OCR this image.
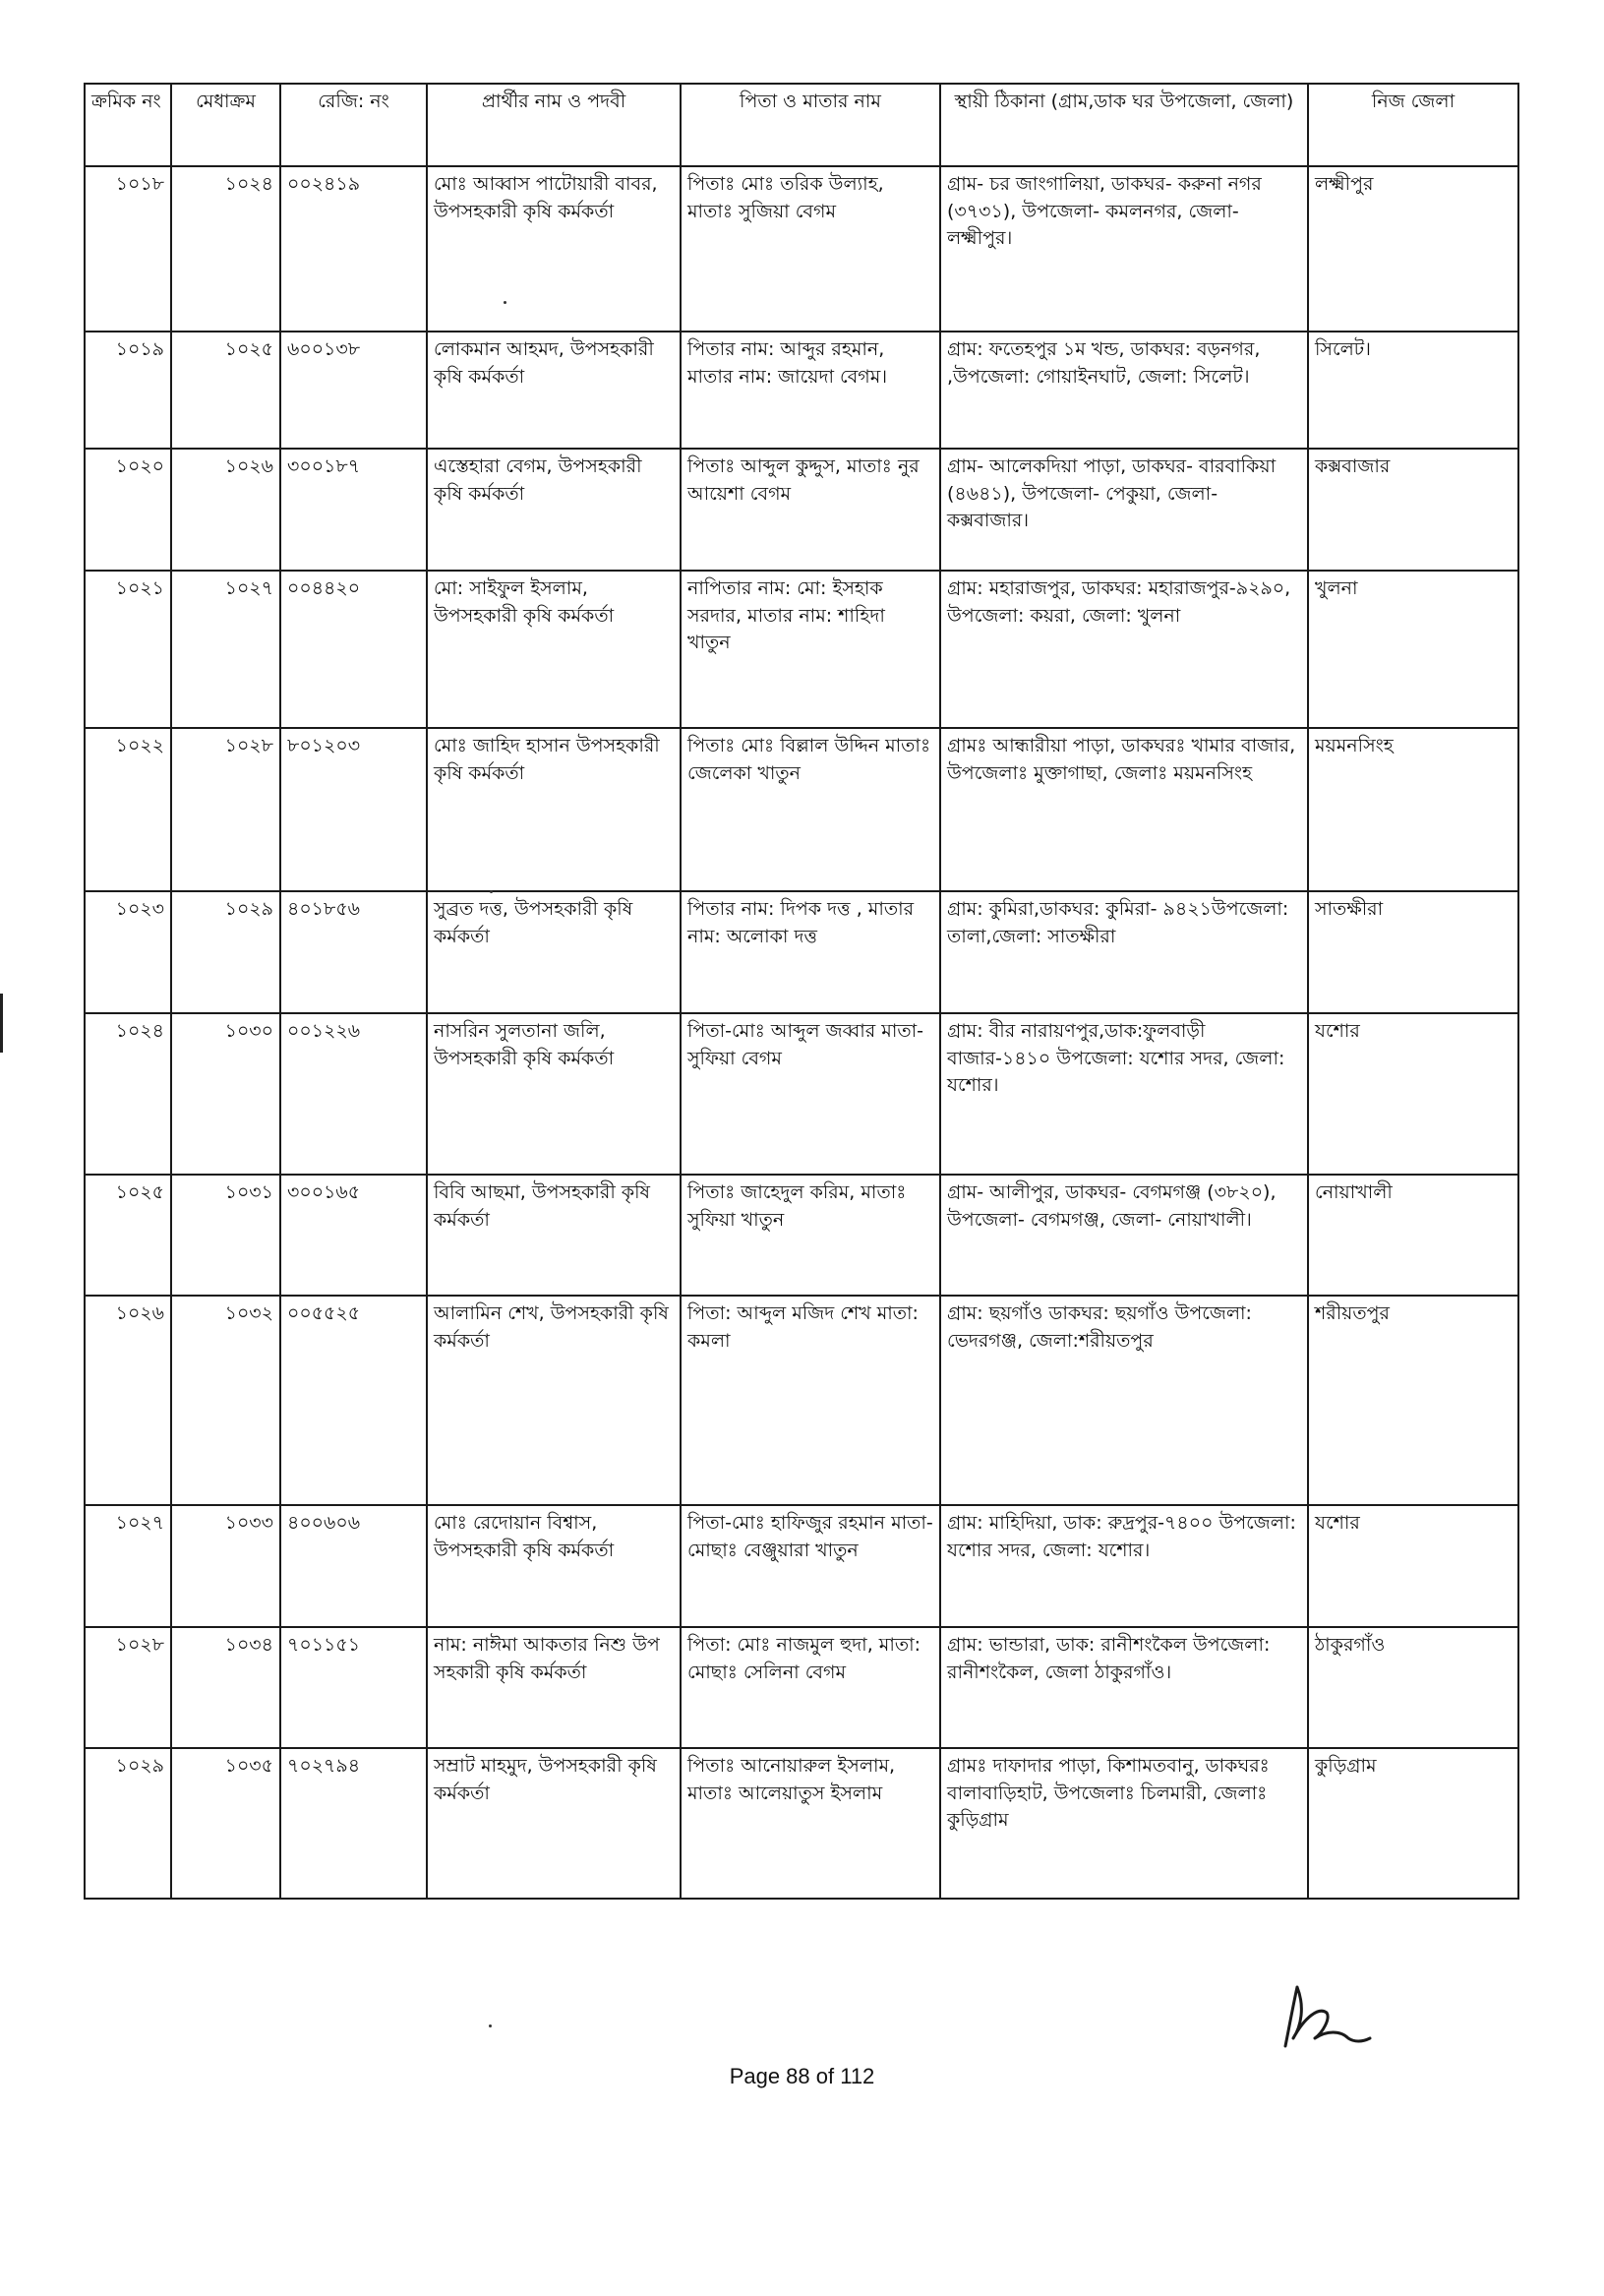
ক্রমিক নং	মেধাক্রম	রেজি: নং	প্রার্থীর নাম ও পদবী	পিতা ও মাতার নাম	স্থায়ী ঠিকানা (গ্রাম,ডাক ঘর উপজেলা, জেলা)	নিজ জেলা
১০১৮	১০২৪	০০২৪১৯	মোঃ আব্বাস পাটোয়ারী বাবর, উপসহকারী কৃষি কর্মকর্তা	পিতাঃ মোঃ তরিক উল্যাহ, মাতাঃ সুজিয়া বেগম	গ্রাম- চর জাংগালিয়া, ডাকঘর- করুনা নগর (৩৭৩১), উপজেলা- কমলনগর, জেলা- লক্ষ্মীপুর।	লক্ষ্মীপুর
১০১৯	১০২৫	৬০০১৩৮	লোকমান আহমদ, উপসহকারী কৃষি কর্মকর্তা	পিতার নাম: আব্দুর রহমান, মাতার নাম: জায়েদা বেগম।	গ্রাম: ফতেহপুর ১ম খন্ড, ডাকঘর: বড়নগর, ,উপজেলা: গোয়াইনঘাট, জেলা: সিলেট।	সিলেট।
১০২০	১০২৬	৩০০১৮৭	এস্তেহারা বেগম, উপসহকারী কৃষি কর্মকর্তা	পিতাঃ আব্দুল কুদ্দুস, মাতাঃ নুর আয়েশা বেগম	গ্রাম- আলেকদিয়া পাড়া, ডাকঘর- বারবাকিয়া (৪৬৪১), উপজেলা- পেকুয়া, জেলা- কক্সবাজার।	কক্সবাজার
১০২১	১০২৭	০০৪৪২০	মো: সাইফুল ইসলাম, উপসহকারী কৃষি কর্মকর্তা	নাপিতার নাম: মো: ইসহাক সরদার, মাতার নাম: শাহিদা খাতুন	গ্রাম: মহারাজপুর, ডাকঘর: মহারাজপুর-৯২৯০, উপজেলা: কয়রা, জেলা: খুলনা	খুলনা
১০২২	১০২৮	৮০১২০৩	মোঃ জাহিদ হাসান উপসহকারী কৃষি কর্মকর্তা	পিতাঃ মোঃ বিল্লাল উদ্দিন মাতাঃ জেলেকা খাতুন	গ্রামঃ আন্ধারীয়া পাড়া, ডাকঘরঃ খামার বাজার, উপজেলাঃ মুক্তাগাছা, জেলাঃ ময়মনসিংহ	ময়মনসিংহ
১০২৩	১০২৯	৪০১৮৫৬	সুব্রত দত্ত, উপসহকারী কৃষি কর্মকর্তা	পিতার নাম: দিপক দত্ত , মাতার নাম: অলোকা দত্ত	গ্রাম: কুমিরা,ডাকঘর: কুমিরা- ৯৪২১উপজেলা: তালা,জেলা: সাতক্ষীরা	সাতক্ষীরা
১০২৪	১০৩০	০০১২২৬	নাসরিন সুলতানা জলি, উপসহকারী কৃষি কর্মকর্তা	পিতা-মোঃ আব্দুল জব্বার মাতা-সুফিয়া বেগম	গ্রাম: বীর নারায়ণপুর,ডাক:ফুলবাড়ী বাজার-১৪১০ উপজেলা: যশোর সদর, জেলা: যশোর।	যশোর
১০২৫	১০৩১	৩০০১৬৫	বিবি আছমা, উপসহকারী কৃষি কর্মকর্তা	পিতাঃ জাহেদুল করিম, মাতাঃ সুফিয়া খাতুন	গ্রাম- আলীপুর, ডাকঘর- বেগমগঞ্জ (৩৮২০), উপজেলা- বেগমগঞ্জ, জেলা- নোয়াখালী।	নোয়াখালী
১০২৬	১০৩২	০০৫৫২৫	আলামিন শেখ, উপসহকারী কৃষি কর্মকর্তা	পিতা: আব্দুল মজিদ শেখ মাতা: কমলা	গ্রাম: ছয়গাঁও ডাকঘর: ছয়গাঁও উপজেলা: ভেদরগঞ্জ, জেলা:শরীয়তপুর	শরীয়তপুর
১০২৭	১০৩৩	৪০০৬০৬	মোঃ রেদোয়ান বিশ্বাস, উপসহকারী কৃষি কর্মকর্তা	পিতা-মোঃ হাফিজুর রহমান মাতা- মোছাঃ বেঞ্জুয়ারা খাতুন	গ্রাম: মাহিদিয়া, ডাক: রুদ্রপুর-৭৪০০ উপজেলা: যশোর সদর, জেলা: যশোর।	যশোর
১০২৮	১০৩৪	৭০১১৫১	নাম: নাঈমা আকতার নিশু উপ সহকারী কৃষি কর্মকর্তা	পিতা: মোঃ নাজমুল হুদা, মাতা: মোছাঃ সেলিনা বেগম	গ্রাম: ভান্ডারা, ডাক: রানীশংকৈল উপজেলা: রানীশংকৈল, জেলা ঠাকুরগাঁও।	ঠাকুরগাঁও
১০২৯	১০৩৫	৭০২৭৯৪	সম্রাট মাহমুদ, উপসহকারী কৃষি কর্মকর্তা	পিতাঃ আনোয়ারুল ইসলাম, মাতাঃ আলেয়াতুস ইসলাম	গ্রামঃ দাফাদার পাড়া, কিশামতবানু, ডাকঘরঃ বালাবাড়িহাট, উপজেলাঃ চিলমারী, জেলাঃ কুড়িগ্রাম	কুড়িগ্রাম
Page 88 of 112
